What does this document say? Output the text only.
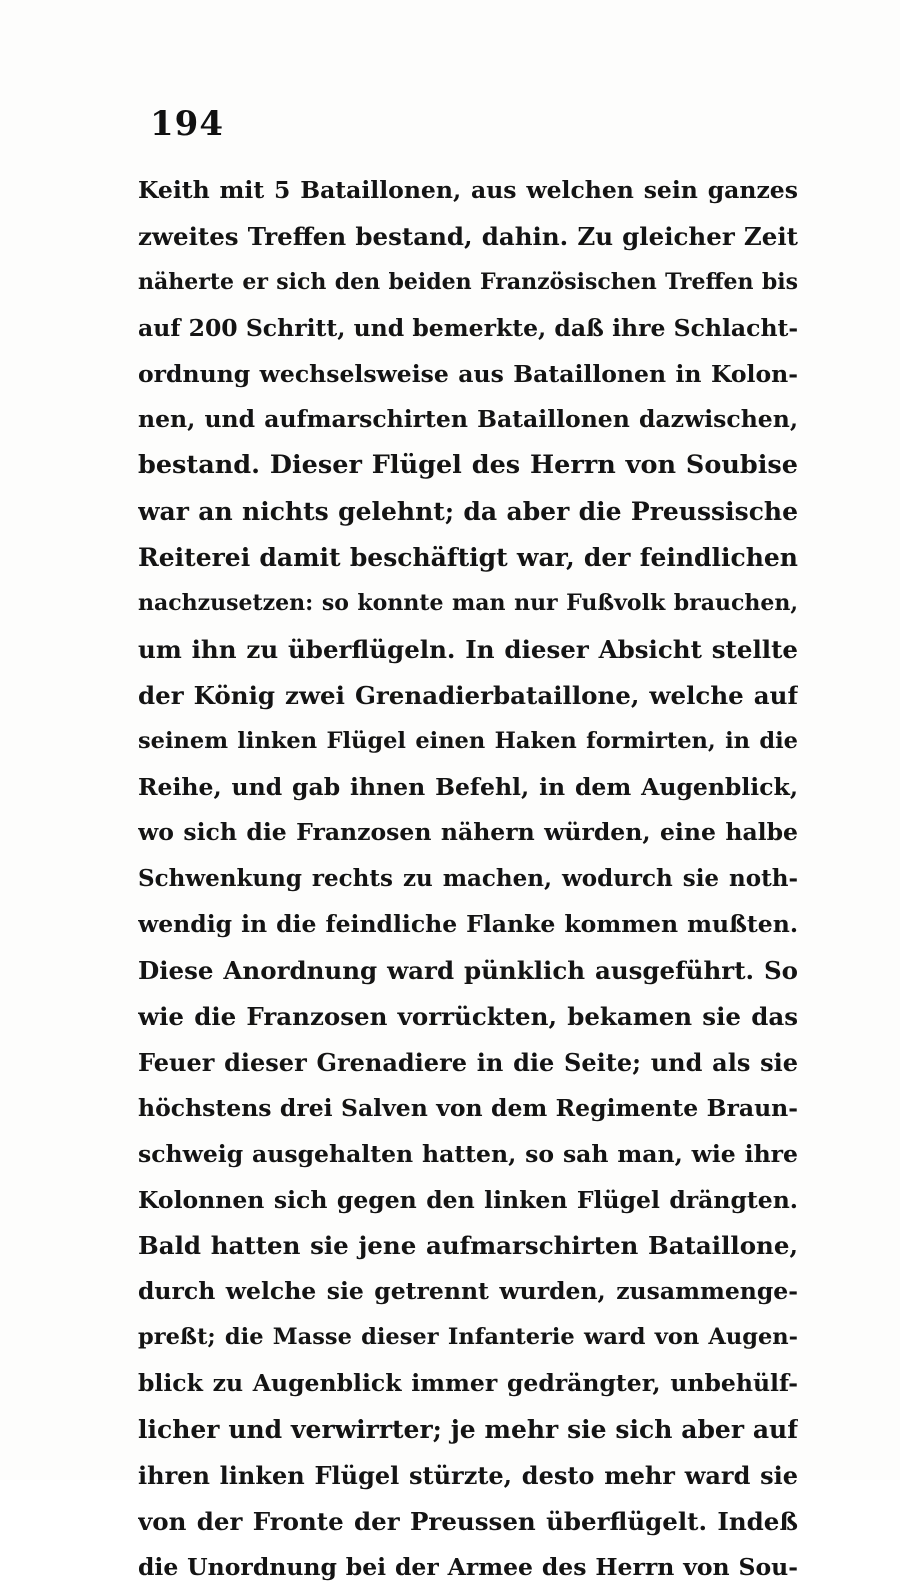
194
Keith mit 5 Bataillonen, aus welchen sein ganzes
zweites Treffen bestand, dahin. Zu gleicher Zeit
näherte er sich den beiden Französischen Treffen bis
auf 200 Schritt, und bemerkte, daß ihre Schlacht-
ordnung wechselsweise aus Bataillonen in Kolon-
nen, und aufmarschirten Bataillonen dazwischen,
bestand. Dieser Flügel des Herrn von Soubise
war an nichts gelehnt; da aber die Preussische
Reiterei damit beschäftigt war, der feindlichen
nachzusetzen: so konnte man nur Fußvolk brauchen,
um ihn zu überflügeln. In dieser Absicht stellte
der König zwei Grenadierbataillone, welche auf
seinem linken Flügel einen Haken formirten, in die
Reihe, und gab ihnen Befehl, in dem Augenblick,
wo sich die Franzosen nähern würden, eine halbe
Schwenkung rechts zu machen, wodurch sie noth-
wendig in die feindliche Flanke kommen mußten.
Diese Anordnung ward pünklich ausgeführt. So
wie die Franzosen vorrückten, bekamen sie das
Feuer dieser Grenadiere in die Seite; und als sie
höchstens drei Salven von dem Regimente Braun-
schweig ausgehalten hatten, so sah man, wie ihre
Kolonnen sich gegen den linken Flügel drängten.
Bald hatten sie jene aufmarschirten Bataillone,
durch welche sie getrennt wurden, zusammenge-
preßt; die Masse dieser Infanterie ward von Augen-
blick zu Augenblick immer gedrängter, unbehülf-
licher und verwirrter; je mehr sie sich aber auf
ihren linken Flügel stürzte, desto mehr ward sie
von der Fronte der Preussen überflügelt. Indeß
die Unordnung bei der Armee des Herrn von Sou-
